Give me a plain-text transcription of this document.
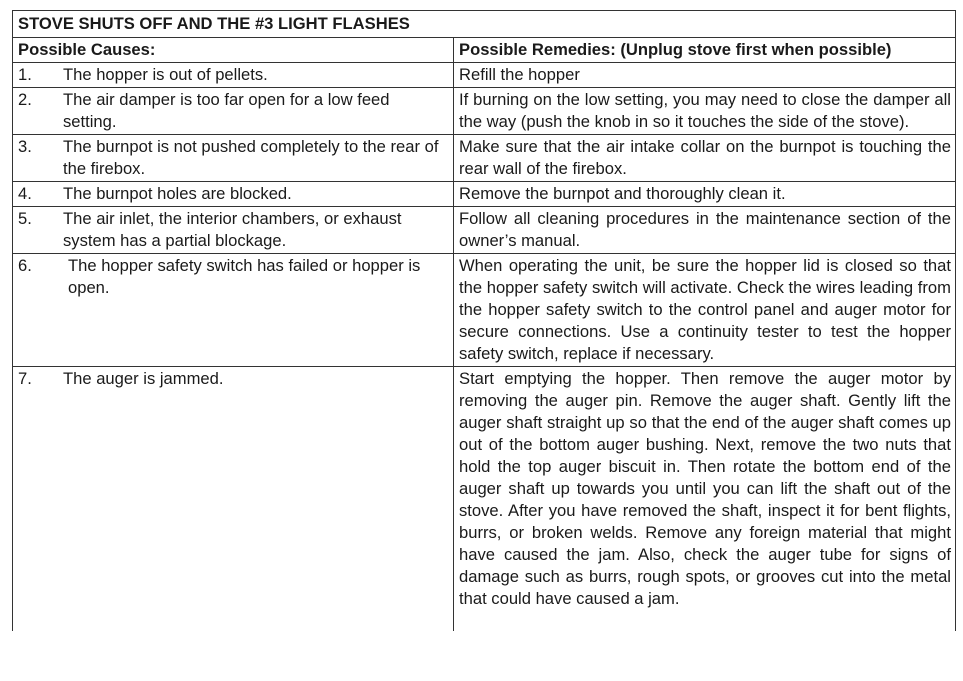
STOVE SHUTS OFF AND THE #3 LIGHT FLASHES	
Possible Causes:	Possible Remedies: (Unplug stove first when possible)

1. The hopper is out of pellets.	Refill the hopper

2. The air damper is too far open for a low feed setting.	If burning on the low setting, you may need to close the damper all the way (push the knob in so it touches the side of the stove).

3. The burnpot is not pushed completely to the rear of the firebox.	Make sure that the air intake collar on the burnpot is touching the rear wall of the firebox.

4. The burnpot holes are blocked.	Remove the burnpot and thoroughly clean it.

5. The air inlet, the interior chambers, or exhaust system has a partial blockage.	Follow all cleaning procedures in the maintenance section of the owner’s manual.

6. The hopper safety switch has failed or hopper is open.	When operating the unit, be sure the hopper lid is closed so that the hopper safety switch will activate. Check the wires leading from the hopper safety switch to the control panel and auger motor for secure connections. Use a continuity tester to test the hopper safety switch, replace if necessary.

7. The auger is jammed.	Start emptying the hopper. Then remove the auger motor by removing the auger pin. Remove the auger shaft. Gently lift the auger shaft straight up so that the end of the auger shaft comes up out of the bottom auger bushing. Next, remove the two nuts that hold the top auger biscuit in. Then rotate the bottom end of the auger shaft up towards you until you can lift the shaft out of the stove. After you have removed the shaft, inspect it for bent flights, burrs, or broken welds. Remove any foreign material that might have caused the jam. Also, check the auger tube for signs of damage such as burrs, rough spots, or grooves cut into the metal that could have caused a jam.
